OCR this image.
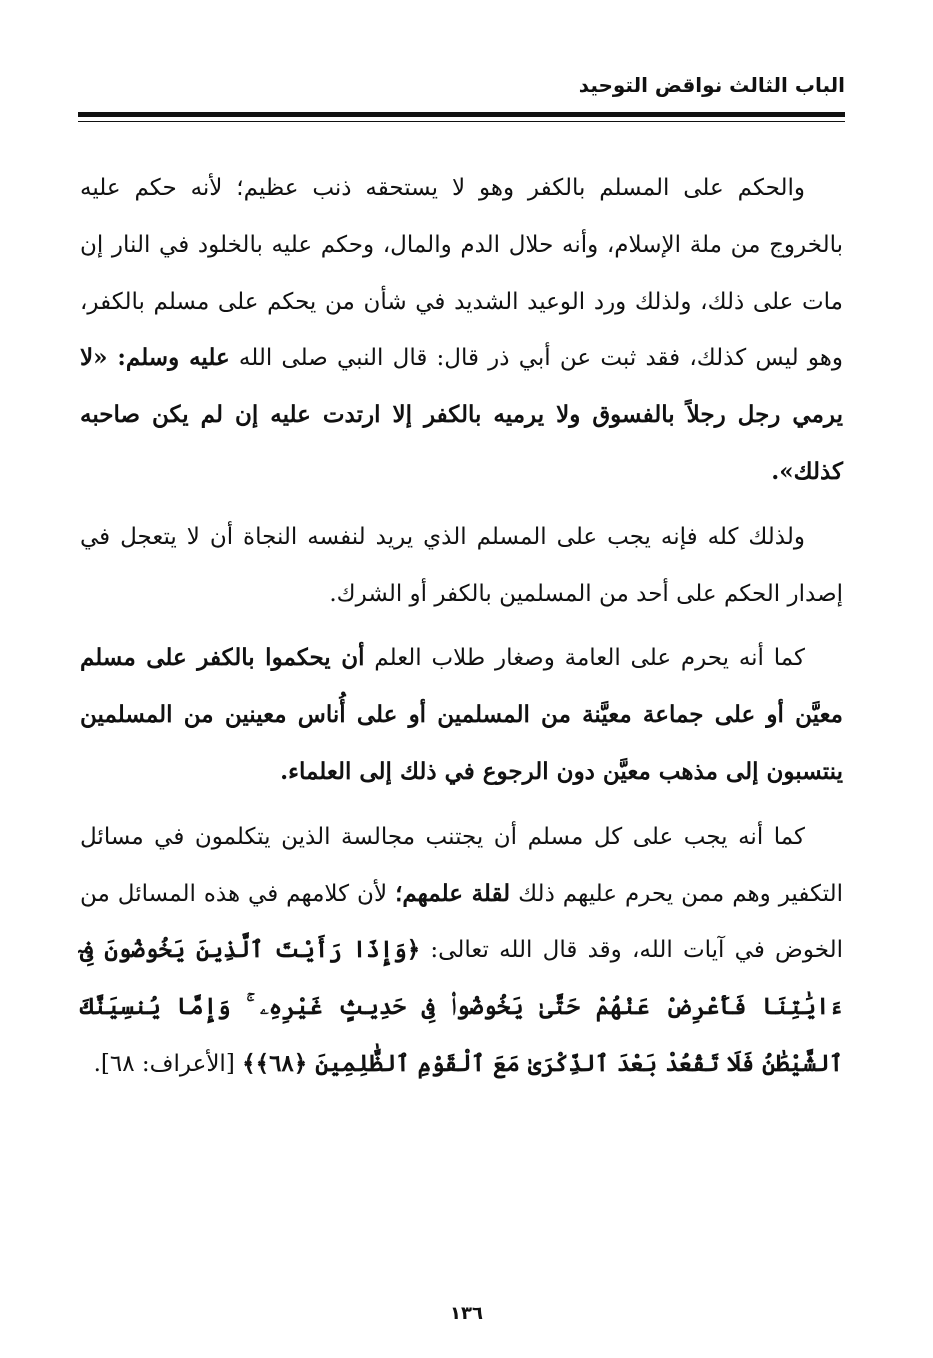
الباب الثالث نواقض التوحيد

والحكم على المسلم بالكفر وهو لا يستحقه ذنب عظيم؛ لأنه حكم عليه بالخروج من ملة الإسلام، وأنه حلال الدم والمال، وحكم عليه بالخلود في النار إن مات على ذلك، ولذلك ورد الوعيد الشديد في شأن من يحكم على مسلم بالكفر، وهو ليس كذلك، فقد ثبت عن أبي ذر قال: قال النبي صلى الله عليه وسلم: «لا يرمي رجل رجلاً بالفسوق ولا يرميه بالكفر إلا ارتدت عليه إن لم يكن صاحبه كذلك».

ولذلك كله فإنه يجب على المسلم الذي يريد لنفسه النجاة أن لا يتعجل في إصدار الحكم على أحد من المسلمين بالكفر أو الشرك.

كما أنه يحرم على العامة وصغار طلاب العلم أن يحكموا بالكفر على مسلم معيَّن أو على جماعة معيَّنة من المسلمين أو على أُناس معينين من المسلمين ينتسبون إلى مذهب معيَّن دون الرجوع في ذلك إلى العلماء.

كما أنه يجب على كل مسلم أن يجتنب مجالسة الذين يتكلمون في مسائل التكفير وهم ممن يحرم عليهم ذلك لقلة علمهم؛ لأن كلامهم في هذه المسائل من الخوض في آيات الله، وقد قال الله تعالى: ﴿وَإِذَا رَأَيْتَ ٱلَّذِينَ يَخُوضُونَ فِىٓ ءَايَٰتِنَا فَأَعْرِضْ عَنْهُمْ حَتَّىٰ يَخُوضُوا۟ فِى حَدِيثٍ غَيْرِهِۦ ۚ وَإِمَّا يُنسِيَنَّكَ ٱلشَّيْطَٰنُ فَلَا تَقْعُدْ بَعْدَ ٱلذِّكْرَىٰ مَعَ ٱلْقَوْمِ ٱلظَّٰلِمِينَ ﴿٦٨﴾﴾ [الأعراف: ٦٨].

١٣٦
